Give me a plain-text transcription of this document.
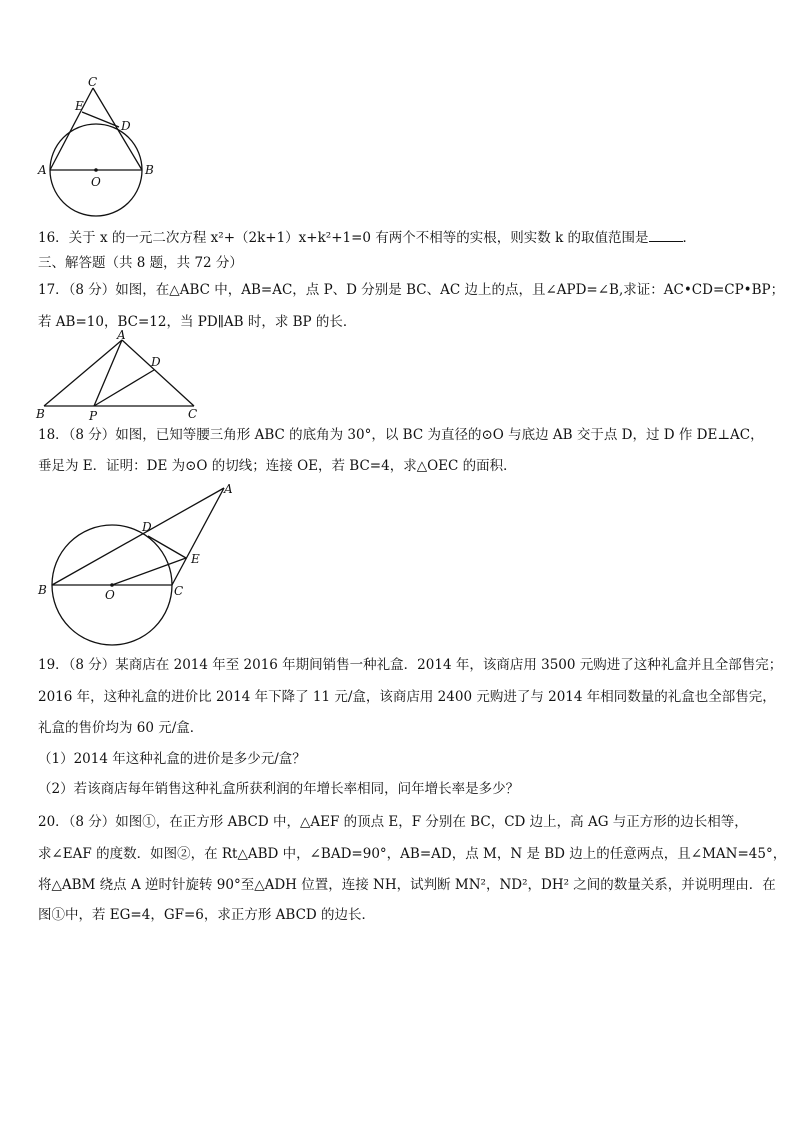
C
E
D
A	B
O
16．关于 x 的一元二次方程 x²+（2k+1）x+k²+1=0 有两个不相等的实根，则实数 k 的取值范围是	．
三、解答题（共 8 题，共 72 分）
17．（8 分）如图，在△ABC 中，AB=AC，点 P、D 分别是 BC、AC 边上的点，且∠APD=∠B,求证：AC•CD=CP•BP；
若 AB=10，BC=12，当 PD∥AB 时，求 BP 的长．
A
D
B	P	C
18．（8 分）如图，已知等腰三角形 ABC 的底角为 30°，以 BC 为直径的⊙O 与底边 AB 交于点 D，过 D 作 DE⊥AC，
垂足为 E．证明：DE 为⊙O 的切线；连接 OE，若 BC=4，求△OEC 的面积．
A
D
E
B	O	C
19．（8 分）某商店在 2014 年至 2016 年期间销售一种礼盒．2014 年，该商店用 3500 元购进了这种礼盒并且全部售完；
2016 年，这种礼盒的进价比 2014 年下降了 11 元/盒，该商店用 2400 元购进了与 2014 年相同数量的礼盒也全部售完，
礼盒的售价均为 60 元/盒．
（1）2014 年这种礼盒的进价是多少元/盒？
（2）若该商店每年销售这种礼盒所获利润的年增长率相同，问年增长率是多少？
20．（8 分）如图①，在正方形 ABCD 中，△AEF 的顶点 E，F 分别在 BC，CD 边上，高 AG 与正方形的边长相等，
求∠EAF 的度数．如图②，在 Rt△ABD 中，∠BAD=90°，AB=AD，点 M，N 是 BD 边上的任意两点，且∠MAN=45°，
将△ABM 绕点 A 逆时针旋转 90°至△ADH 位置，连接 NH，试判断 MN²，ND²，DH² 之间的数量关系，并说明理由．在
图①中，若 EG=4，GF=6，求正方形 ABCD 的边长．
